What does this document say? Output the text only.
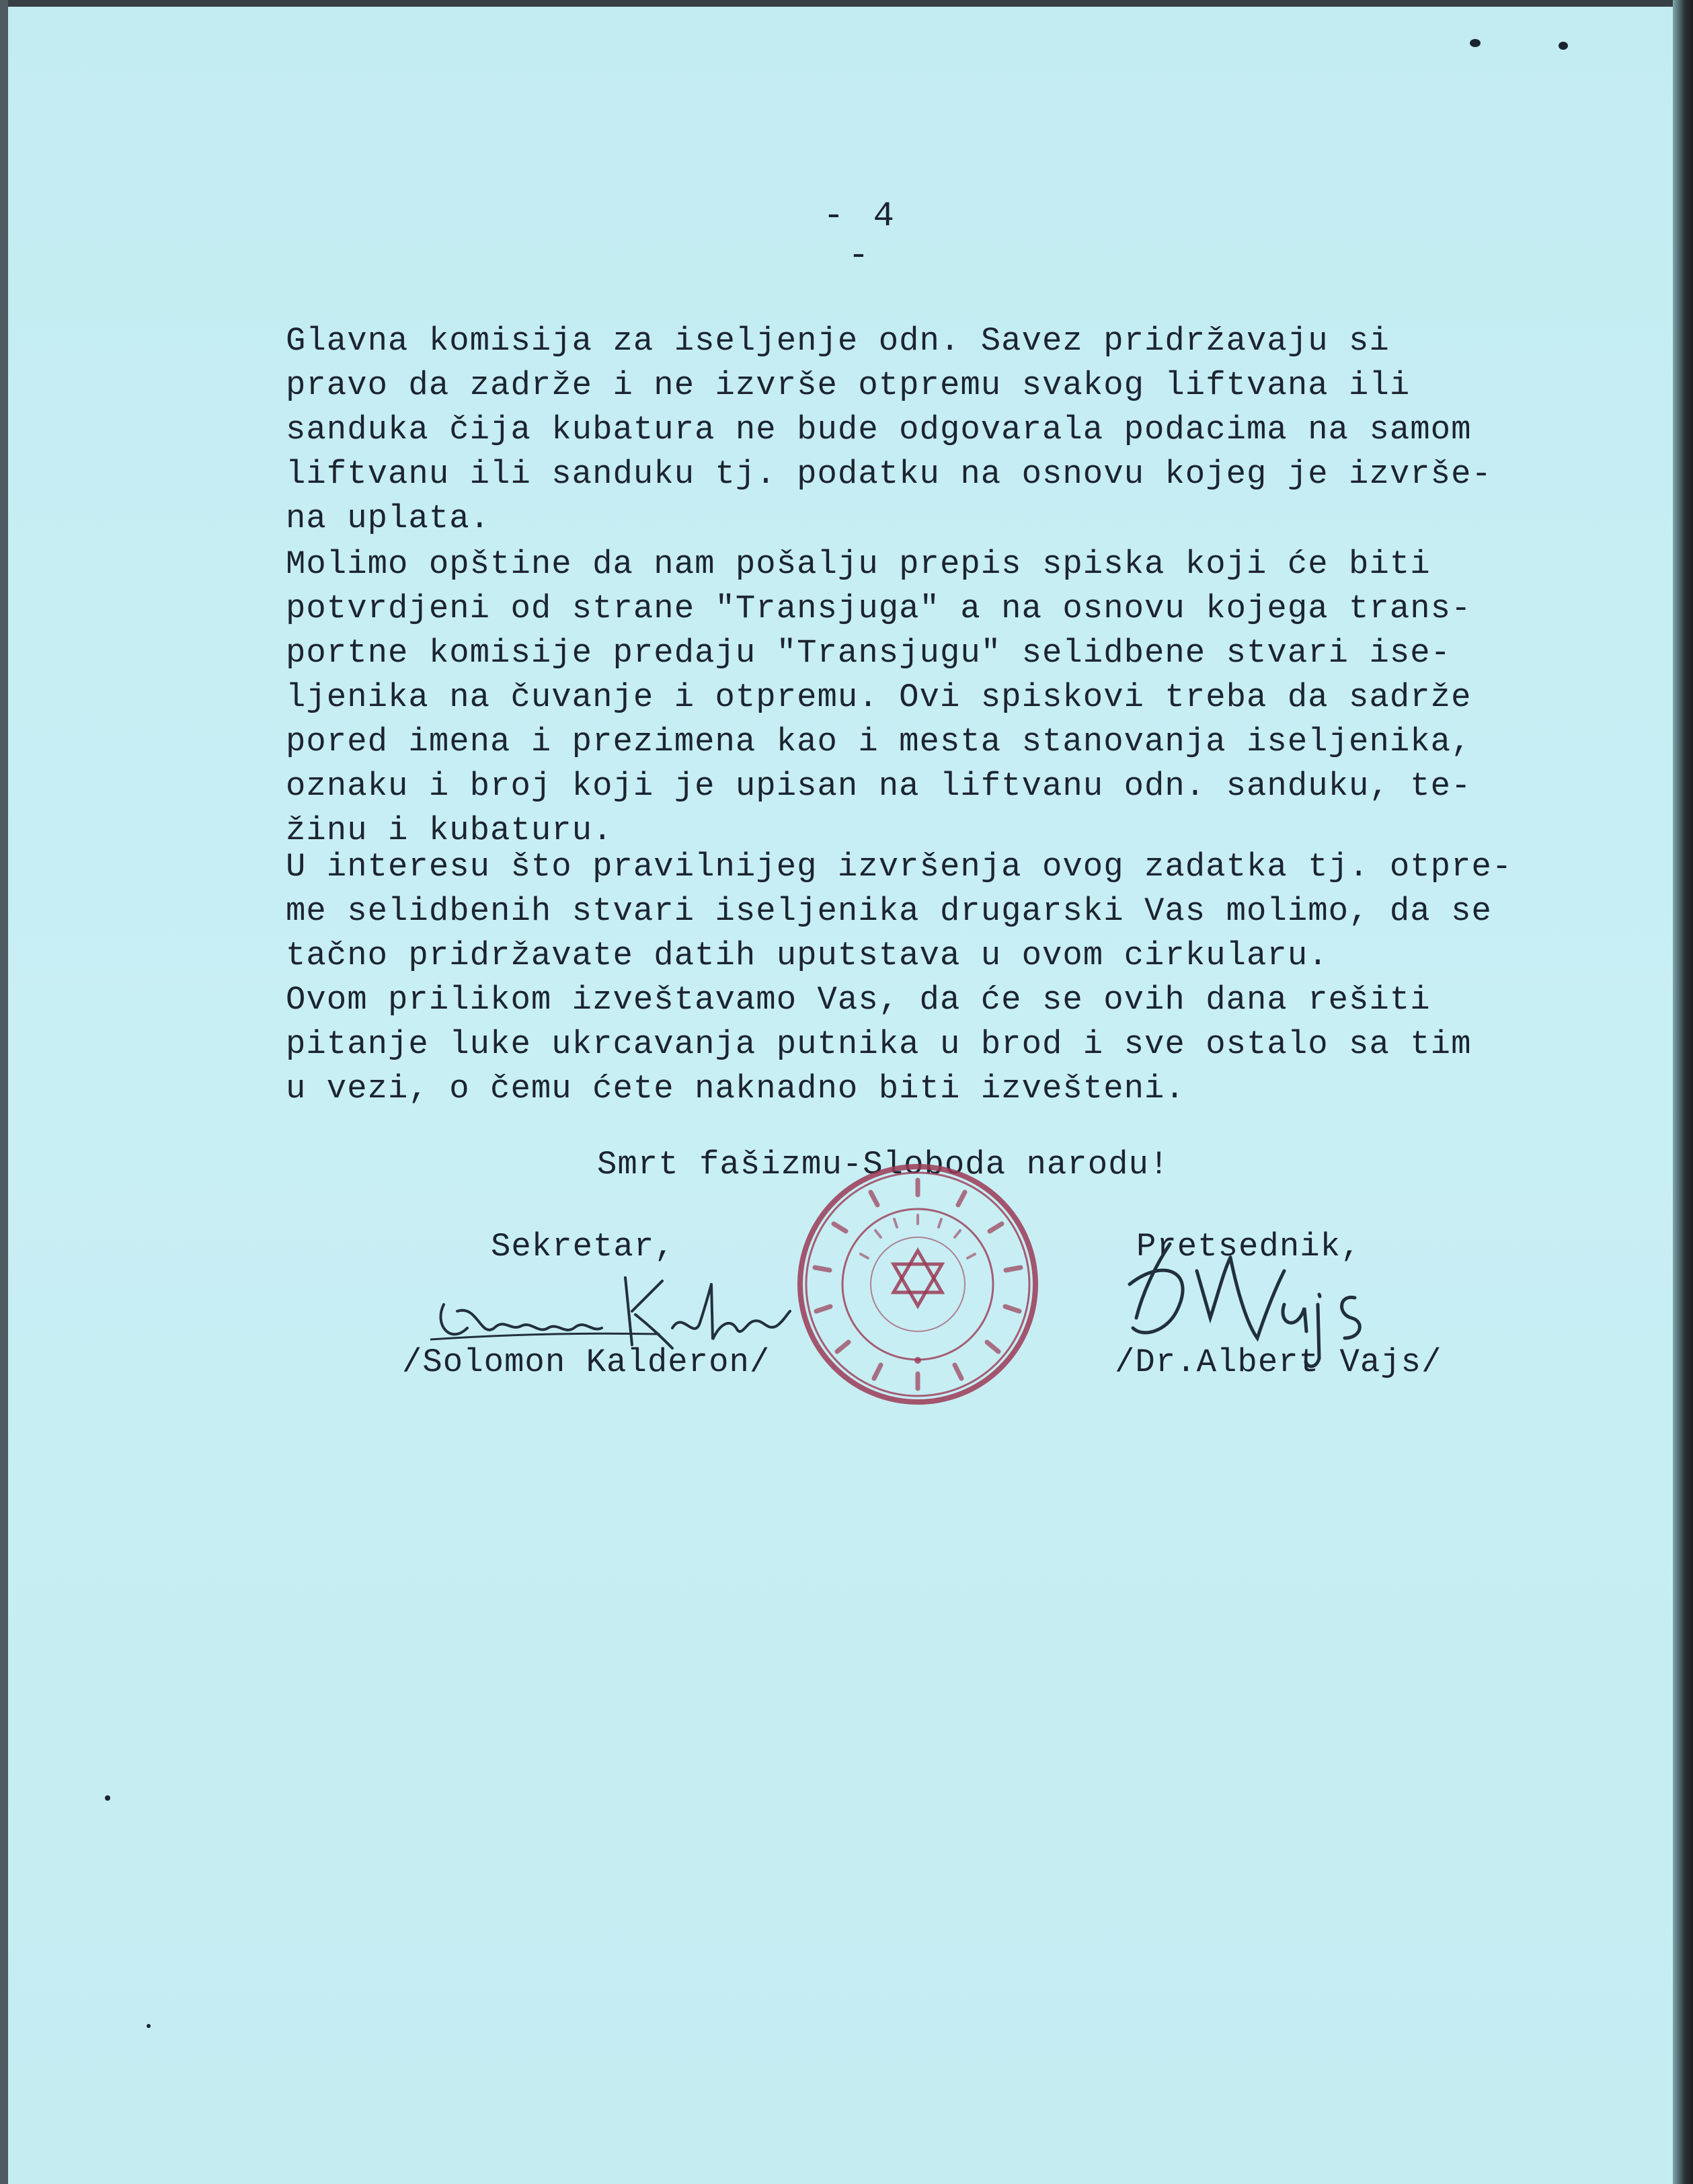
- 4 -
Glavna komisija za iseljenje odn. Savez pridržavaju si
pravo da zadrže i ne izvrše otpremu svakog liftvana ili
sanduka čija kubatura ne bude odgovarala podacima na samom
liftvanu ili sanduku tj. podatku na osnovu kojeg je izvrše-
na uplata.
Molimo opštine da nam pošalju prepis spiska koji će biti
potvrdjeni od strane "Transjuga" a na osnovu kojega trans-
portne komisije predaju "Transjugu" selidbene stvari ise-
ljenika na čuvanje i otpremu. Ovi spiskovi treba da sadrže
pored imena i prezimena kao i mesta stanovanja iseljenika,
oznaku i broj koji je upisan na liftvanu odn. sanduku, te-
žinu i kubaturu.
U interesu što pravilnijeg izvršenja ovog zadatka tj. otpre-
me selidbenih stvari iseljenika drugarski Vas molimo, da se
tačno pridržavate datih uputstava u ovom cirkularu.
Ovom prilikom izveštavamo Vas, da će se ovih dana rešiti
pitanje luke ukrcavanja putnika u brod i sve ostalo sa tim
u vezi, o čemu ćete naknadno biti izvešteni.
Smrt fašizmu-Sloboda narodu!
Sekretar,	Pretsednik,
/Solomon Kalderon/	/Dr.Albert Vajs/
